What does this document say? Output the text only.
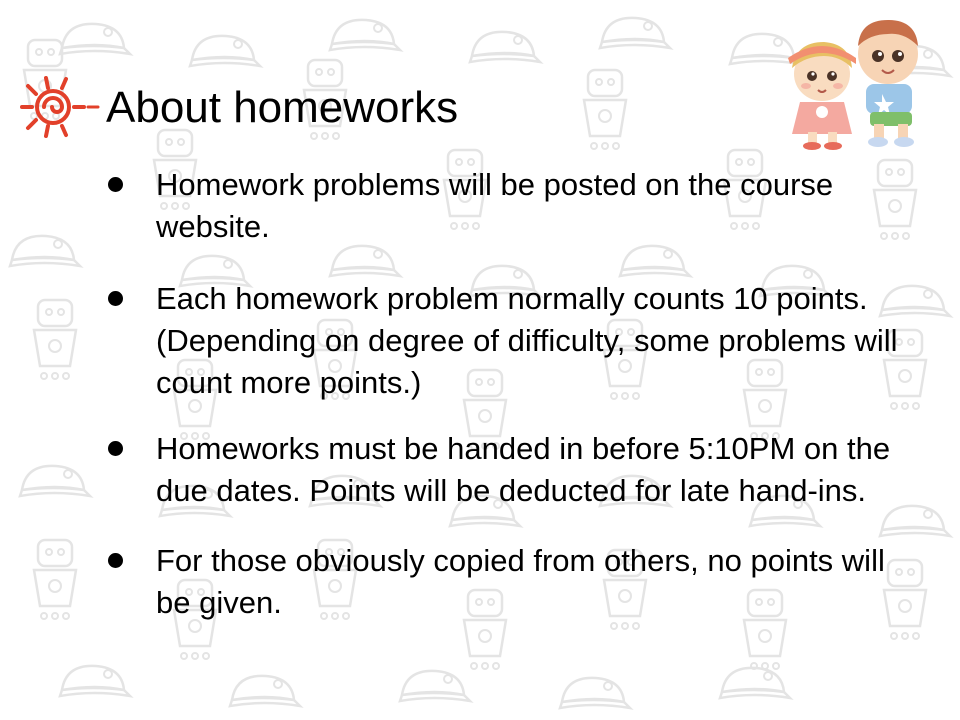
About homeworks
Homework problems will be posted on the course website.
Each homework problem normally counts 10 points. (Depending on degree of difficulty, some problems will count more points.)
Homeworks must be handed in before 5:10PM on the due dates. Points will be deducted for late hand-ins.
For those obviously copied from others, no points will be given.
